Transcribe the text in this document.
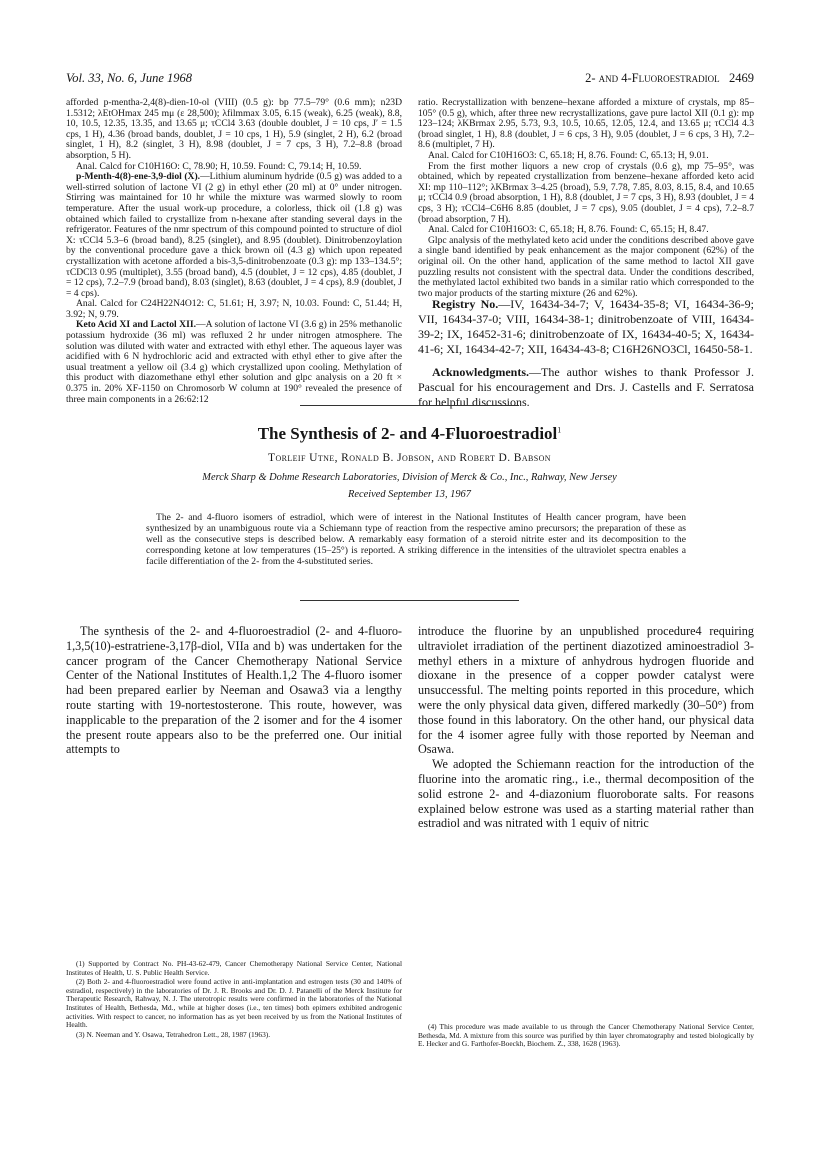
Vol. 33, No. 6, June 1968	2- and 4-Fluoroestradiol 2469

afforded p-mentha-2,4(8)-dien-10-ol (VIII) (0.5 g): bp 77.5–79° (0.6 mm); n23D 1.5312; λEtOHmax 245 mμ (ε 28,500); λfilmmax 3.05, 6.15 (weak), 6.25 (weak), 8.8, 10, 10.5, 12.35, 13.35, and 13.65 μ; τCCl4 3.63 (double doublet, J = 10 cps, J′ = 1.5 cps, 1 H), 4.36 (broad bands, doublet, J = 10 cps, 1 H), 5.9 (singlet, 2 H), 6.2 (broad singlet, 1 H), 8.2 (singlet, 3 H), 8.98 (doublet, J = 7 cps, 3 H), 7.2–8.8 (broad absorption, 5 H).

Anal. Calcd for C10H16O: C, 78.90; H, 10.59. Found: C, 79.14; H, 10.59.

p-Menth-4(8)-ene-3,9-diol (X).—Lithium aluminum hydride (0.5 g) was added to a well-stirred solution of lactone VI (2 g) in ethyl ether (20 ml) at 0° under nitrogen. Stirring was maintained for 10 hr while the mixture was warmed slowly to room temperature. After the usual work-up procedure, a colorless, thick oil (1.8 g) was obtained which failed to crystallize from n-hexane after standing several days in the refrigerator. Features of the nmr spectrum of this compound pointed to structure of diol X: τCCl4 5.3–6 (broad band), 8.25 (singlet), and 8.95 (doublet). Dinitrobenzoylation by the conventional procedure gave a thick brown oil (4.3 g) which upon repeated crystallization with acetone afforded a bis-3,5-dinitrobenzoate (0.3 g): mp 133–134.5°; τCDCl3 0.95 (multiplet), 3.55 (broad band), 4.5 (doublet, J = 12 cps), 4.85 (doublet, J = 12 cps), 7.2–7.9 (broad band), 8.03 (singlet), 8.63 (doublet, J = 4 cps), 8.9 (doublet, J = 4 cps).

Anal. Calcd for C24H22N4O12: C, 51.61; H, 3.97; N, 10.03. Found: C, 51.44; H, 3.92; N, 9.79.

Keto Acid XI and Lactol XII.—A solution of lactone VI (3.6 g) in 25% methanolic potassium hydroxide (36 ml) was refluxed 2 hr under nitrogen atmosphere. The solution was diluted with water and extracted with ethyl ether. The aqueous layer was acidified with 6 N hydrochloric acid and extracted with ethyl ether to give after the usual treatment a yellow oil (3.4 g) which crystallized upon cooling. Methylation of this product with diazomethane ethyl ether solution and glpc analysis on a 20 ft × 0.375 in. 20% XF-1150 on Chromosorb W column at 190° revealed the presence of three main components in a 26:62:12

ratio. Recrystallization with benzene–hexane afforded a mixture of crystals, mp 85–105° (0.5 g), which, after three new recrystallizations, gave pure lactol XII (0.1 g): mp 123–124; λKBrmax 2.95, 5.73, 9.3, 10.5, 10.65, 12.05, 12.4, and 13.65 μ; τCCl4 4.3 (broad singlet, 1 H), 8.8 (doublet, J = 6 cps, 3 H), 9.05 (doublet, J = 6 cps, 3 H), 7.2–8.6 (multiplet, 7 H).

Anal. Calcd for C10H16O3: C, 65.18; H, 8.76. Found: C, 65.13; H, 9.01.

From the first mother liquors a new crop of crystals (0.6 g), mp 75–95°, was obtained, which by repeated crystallization from benzene–hexane afforded keto acid XI: mp 110–112°; λKBrmax 3–4.25 (broad), 5.9, 7.78, 7.85, 8.03, 8.15, 8.4, and 10.65 μ; τCCl4 0.9 (broad absorption, 1 H), 8.8 (doublet, J = 7 cps, 3 H), 8.93 (doublet, J = 4 cps, 3 H); τCCl4–C6H6 8.85 (doublet, J = 7 cps), 9.05 (doublet, J = 4 cps), 7.2–8.7 (broad absorption, 7 H).

Anal. Calcd for C10H16O3: C, 65.18; H, 8.76. Found: C, 65.15; H, 8.47.

Glpc analysis of the methylated keto acid under the conditions described above gave a single band identified by peak enhancement as the major component (62%) of the original oil. On the other hand, application of the same method to lactol XII gave puzzling results not consistent with the spectral data. Under the conditions described, the methylated lactol exhibited two bands in a similar ratio which corresponded to the two major products of the starting mixture (26 and 62%).

Registry No.—IV, 16434-34-7; V, 16434-35-8; VI, 16434-36-9; VII, 16434-37-0; VIII, 16434-38-1; dinitrobenzoate of VIII, 16434-39-2; IX, 16452-31-6; dinitrobenzoate of IX, 16434-40-5; X, 16434-41-6; XI, 16434-42-7; XII, 16434-43-8; C16H26NO3Cl, 16450-58-1.

Acknowledgments.—The author wishes to thank Professor J. Pascual for his encouragement and Drs. J. Castells and F. Serratosa for helpful discussions.

The Synthesis of 2- and 4-Fluoroestradiol$^1$
Torleif Utne, Ronald B. Jobson, and Robert D. Babson
Merck Sharp & Dohme Research Laboratories, Division of Merck & Co., Inc., Rahway, New Jersey
Received September 13, 1967

The 2- and 4-fluoro isomers of estradiol, which were of interest in the National Institutes of Health cancer program, have been synthesized by an unambiguous route via a Schiemann type of reaction from the respective amino precursors; the preparation of these as well as the consecutive steps is described below. A remarkably easy formation of a steroid nitrite ester and its decomposition to the corresponding ketone at low temperatures (15–25°) is reported. A striking difference in the intensities of the ultraviolet spectra enables a facile differentiation of the 2- from the 4-substituted series.

The synthesis of the 2- and 4-fluoroestradiol (2- and 4-fluoro-1,3,5(10)-estratriene-3,17β-diol, VIIa and b) was undertaken for the cancer program of the Cancer Chemotherapy National Service Center of the National Institutes of Health.1,2 The 4-fluoro isomer had been prepared earlier by Neeman and Osawa3 via a lengthy route starting with 19-nortestosterone. This route, however, was inapplicable to the preparation of the 2 isomer and for the 4 isomer the present route appears also to be the preferred one. Our initial attempts to

(1) Supported by Contract No. PH-43-62-479, Cancer Chemotherapy National Service Center, National Institutes of Health, U. S. Public Health Service.

(2) Both 2- and 4-fluoroestradiol were found active in anti-implantation and estrogen tests (30 and 140% of estradiol, respectively) in the laboratories of Dr. J. R. Brooks and Dr. D. J. Patanelli of the Merck Institute for Therapeutic Research, Rahway, N. J. The uterotropic results were confirmed in the laboratories of the National Institutes of Health, Bethesda, Md., while at higher doses (i.e., ten times) both epimers exhibited androgenic activities. With respect to cancer, no information has as yet been received by us from the National Institutes of Health.

(3) N. Neeman and Y. Osawa, Tetrahedron Lett., 28, 1987 (1963).

introduce the fluorine by an unpublished procedure4 requiring ultraviolet irradiation of the pertinent diazotized aminoestradiol 3-methyl ethers in a mixture of anhydrous hydrogen fluoride and dioxane in the presence of a copper powder catalyst were unsuccessful. The melting points reported in this procedure, which were the only physical data given, differed markedly (30–50°) from those found in this laboratory. On the other hand, our physical data for the 4 isomer agree fully with those reported by Neeman and Osawa.

We adopted the Schiemann reaction for the introduction of the fluorine into the aromatic ring., i.e., thermal decomposition of the solid estrone 2- and 4-diazonium fluoroborate salts. For reasons explained below estrone was used as a starting material rather than estradiol and was nitrated with 1 equiv of nitric

(4) This procedure was made available to us through the Cancer Chemotherapy National Service Center, Bethesda, Md. A mixture from this source was purified by thin layer chromatography and tested biologically by E. Hecker and G. Farthofer-Boeckh, Biochem. Z., 338, 1628 (1963).
